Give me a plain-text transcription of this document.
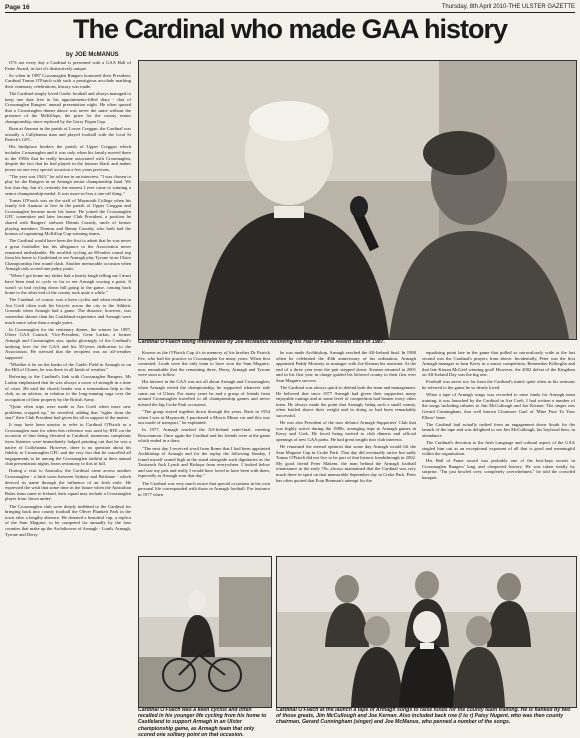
Page 16	Thursday, 8th April 2010-THE ULSTER GAZETTE
The Cardinal who made GAA history
by JOE McMANUS

IT'S not every day a Cardinal is presented with a GAA Hall of Fame Award, in fact it's distinctively unique.

So when in 1987 Crossmaglen Rangers honoured their President, Cardinal Tomas O'Fiaich with such a prestigious accolade marking their centenary celebrations, history was made.

The Cardinal simply loved Gaelic football and always managed to keep one date free in his appointments-filled diary - that of Crossmaglen Rangers' annual presentation night. He often quoted that a Crossmaglen dinner dance was never the same without the presence of the McKillops, the prize for the county senior championship, since replaced by the Gerry Fegan Cup.

Born at Anamar in the parish of Lower Creggan, the Cardinal was actually a Cullyhanna man and played football with the local St Patrick's GFC.

His birthplace borders the parish of Upper Creggan which includes Crossmaglen and it was only when his family moved there in the 1950s that he really became associated with Crossmaglen, despite the fact that he had played in the famous black and amber jersey on one very special occasion a few years previous.

"The year was 1943," he told me in an interview. "I was chosen to play for the Rangers in an Armagh senior championship final. We lost that day, but it's certainly the nearest I ever came to winning a senior championship medal. It was more-or-less a one-off thing."

Tomas O'Fiaich was on the staff of Maynooth College when his family left Anamar to live in the parish of Upper Creggan and Crossmaglen became more his home. He joined the Crossmaglen GFC committee and later became Club President, a position he shared with Rangers' stalwart Dennis Cassidy, uncle of former playing members Thomas and Benny Cassidy, who both had the honour of captaining McKillop Cup-winning teams.

The Cardinal would have been the first to admit that he was never a great footballer but his allegiance to the Association never remained unshakeable. He recalled cycling an 80-miles round trip from his home to Castleland to see Armagh play Tyrone in an Ulster Championship first round clash. Another memorable occasion when Armagh only scored one paltry point.

"When I got home my father had a hearty laugh telling me I must have been mad to cycle so far to see Armagh scoring a point. It wasn't so bad cycling down hill going to the game, coming back home to the other end of the county took quite a while."

The Cardinal, of course, was a keen cyclist and when resident in Ara Coeli often took his bicycle across the city to the Athletic Grounds when Armagh had a game. The distance, however, was somewhat shorter than his Castleland experience and Armagh were much more value than a single point.

In Crossmaglen for the centenary dinner, the winner for 1987, Ulster GAA Council, Vice-President, Gene Larkin, a former Armagh and Crossmaglen star, spoke glowingly of the Cardinal's undying love for the GAA and his 50-years dedication to the Association. He stressed that the recipient was an 'all-weather supporter'.

"Whether it be on the banks of the Gaelic Field in Armagh or on the Hill of Clones, he was there in all kinds of weather."

Referring to the Cardinal's link with Crossmaglen Rangers, Mr Larkin emphasised that he was always a tower of strength in a time of crisis. He said the church leader was a tremendous help to the club, as an advisor, in relation to the long-running saga over the occupation of their property by the British Army.

"Quite often trips were made to Ara Coeli when more new problems cropped up," he revealed, adding that "rights from the start" their Club President had given his all in support of the matter.

It may have been unwise to refer to Cardinal O'Fiaich as a Crossmaglen man for when this reference was used by RTE on the occasion of him being elevated to Cardinal, numerous complaints from listeners were immediately lodged pointing out that he was a native of Cullyhanna. However, there is no question about his fidelity to Crossmaglen GFC and the very fact that he cancelled all engagements to be among the Crossmaglen faithful at their annual club presentation nights, bears testimony to this in full.

During a visit to Australia, the Cardinal came across another Crossmaglen - a little town between Sydney and Brisbane - which derived its name through the influence of an Irish exile. He expressed the wish that some time in the future when the Australian Rules team came to Ireland, their squad may include a Crossmaglen player from 'down under'.

The Crossmaglen club were deeply indebted to the Cardinal for bringing back into county football the Oliver Plunkett Park in the town after a lengthy absence. He donated a beautiful cup, a replica of the Sam Maguire, to be competed for annually by the four counties that make up the Archdiocese of Armagh - Louth, Armagh, Tyrone and Derry.

Cardinal O'Fiaich being interviewed by Joe McManus following his Hall of Fame Award back in 1987.

Known as the O'Fiaich Cup it's in memory of his brother Dr Patrick Fee, who had his practice in Crossmaglen for many years. When first contested, Louth were the only team to have won the Sam Maguire, now remarkable that the remaining three, Derry, Armagh and Tyrone were soon to follow.

His interest in the GAA was not all about Armagh and Crossmaglen; when Armagh exited the championship, he supported whatever side came out of Ulster. For many years he and a group of friends from around Crossmaglen travelled to all championship games and never missed the big Croke Park occasions.

"The group stayed together down through the years. Back in 1954 when I was at Maynooth, I purchased a Morris Minor car and this was our mode of transport," he explained.

In 1977, Armagh reached the All-Ireland semi-final, meeting Roscommon. Once again the Cardinal and his friends were at the game which ended in a draw.

"The next day I received word from Rome that I had been appointed Archbishop of Armagh and for the replay the following Sunday, I found myself seated high in the stand alongside such dignitaries as the Taoiseach Jack Lynch and Bishops from everywhere. I looked below and saw my pals and really I would have loved to have been with them, especially as Armagh won that day."

The Cardinal was very much aware that special occasions in his own personal life corresponded with those in Armagh football. For instance in 1977 when

he was made Archbishop, Armagh reached the All-Ireland final. In 1980 when he celebrated the 40th anniversary of his ordination, Armagh appointed Paddy Moriarty as manager with Joe Kernan his assistant. At the end of a three year term the pair stepped down. Kernan returned in 2001 and in his first year in charge guided his beloved county to their first ever Sam Maguire success.

The Cardinal was always quick to defend both the team and management. He believed that since 1977 Armagh had given their supporters many enjoyable outings and at some level of competition had beaten every other team. He always made the point that Armagh, being such a small county, often battled above their weight and in doing so had been remarkably successful.

He was also President of the now defunct Armagh Supporters' Club that was highly active during the 1980s, arranging trips to Armagh games in Kerry and Cork. He loved being invited to club dinners and official openings of new GAA parks. He had great insight into club interests.

He remained the eternal optimist that some day Armagh would lift the Sam Maguire Cup in Croke Park. That day did eventually arrive but sadly Tomas O'Fiaich did not live to be part of that historic breakthrough in 2002. My good friend Peter Makem, the man behind the Armagh football renaissance in the early 70s, always maintained that the Cardinal was very much there in spirit on that memorable September day in Croke Park. Peter has often quoted that Eoin Brennan's attempt for the

equalising point late in the game that pulled so miraculously wide at the last second was the Cardinal's prayers from above. Incidentally, Peter was the first Armagh manager to beat Kerry in a senior competition. Remember Killorglin and that late Kieran McGeel winning goal! However, the 2002 defeat of the Kingdom on All-Ireland Day was the big one.

Football was never too far from the Cardinal's mind; quite often in his sermons he referred to the game he so dearly loved.

When a tape of Armagh songs was recorded to raise funds for Armagh team training, it was launched by the Cardinal in Ara Coeli. I had written a number of the songs including tributes to Jim McCullough and Joe Kernan. The singer was Gerard Cunningham, that well known Clonmore Gael of 'Mine Pure To Your Elbow' fame.

The Cardinal had actually rushed from an engagement down South for the launch of the tape and was delighted to see Jim McCullough, his boyhood hero, in attendance.

The Cardinal's devotion to the Irish Language and cultural aspect of the GAA singled him out as an exceptional exponent of all that is good and meaningful within the organisation.

His Hall of Fame award was probably one of the best-kept secrets in Crossmaglen Rangers' long and chequered history. He was taken totally by surprise. "I'm just bowled over, completely overwhelmed," he told the crowded banquet.

Cardinal O'Fiaich was a keen cyclist and often recalled in his younger life cycling from his home to Castleland to support Armagh in an Ulster championship game, as Armagh team that only scored one solitary point on that occasion.
Cardinal O'Fiaich at the launch a tape of Armagh songs to raise funds for the county team training. He is flanked by two of those greats, Jim McCullough and Joe Kernan. Also included back row (l to r) Patsy Nugent, who was then county chairman, Gerard Cunningham (singer) and Joe McManus, who penned a number of the songs.
